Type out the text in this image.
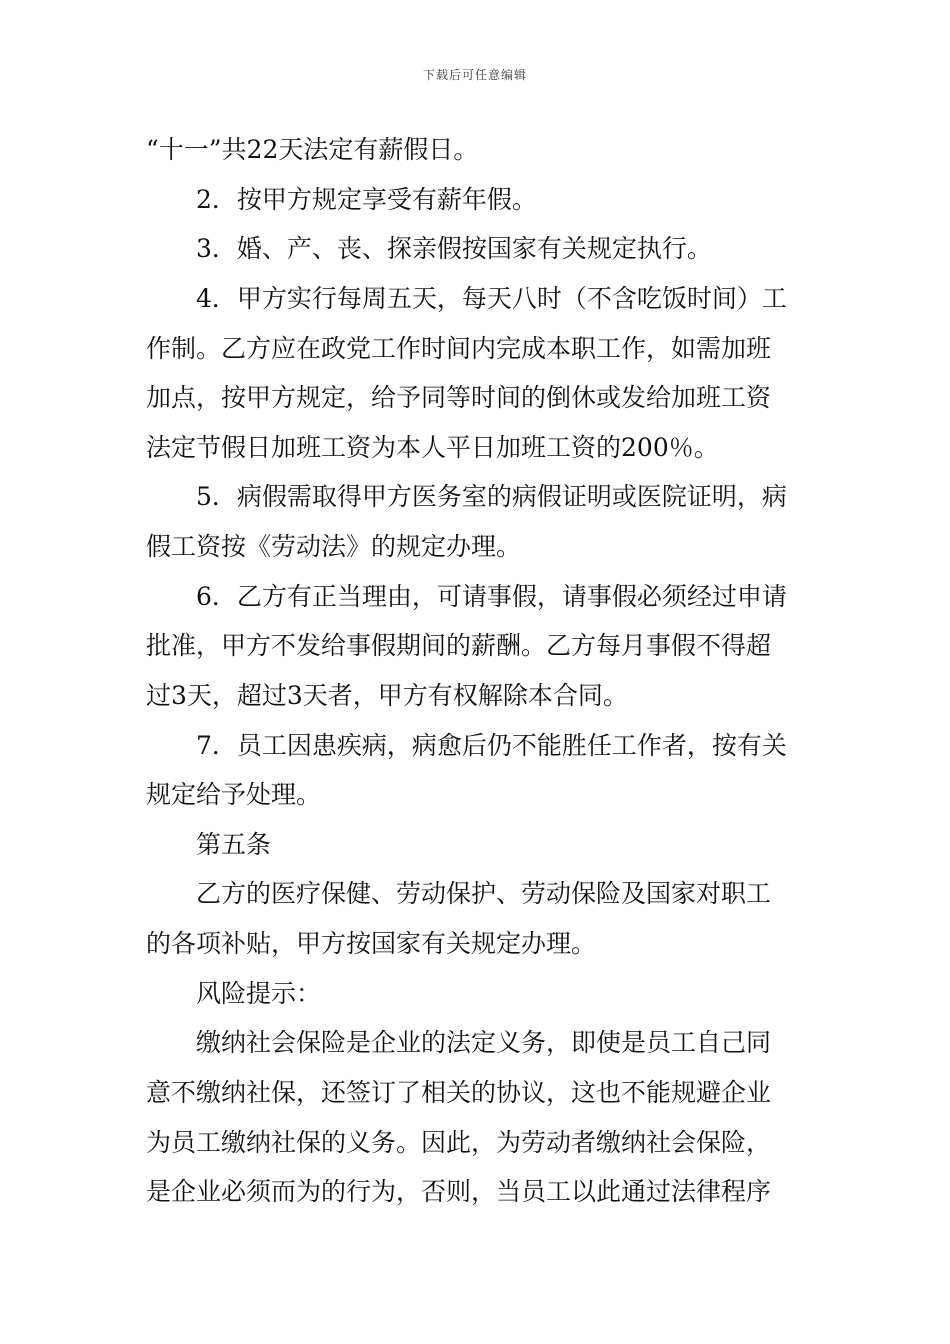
下载后可任意编辑
“十一”共22天法定有薪假日。
2．按甲方规定享受有薪年假。
3．婚、产、丧、探亲假按国家有关规定执行。
4．甲方实行每周五天，每天八时（不含吃饭时间）工
作制。乙方应在政党工作时间内完成本职工作，如需加班
加点，按甲方规定，给予同等时间的倒休或发给加班工资
法定节假日加班工资为本人平日加班工资的200％。
5．病假需取得甲方医务室的病假证明或医院证明，病
假工资按《劳动法》的规定办理。
6．乙方有正当理由，可请事假，请事假必须经过申请
批准，甲方不发给事假期间的薪酬。乙方每月事假不得超
过3天，超过3天者，甲方有权解除本合同。
7．员工因患疾病，病愈后仍不能胜任工作者，按有关
规定给予处理。
第五条
乙方的医疗保健、劳动保护、劳动保险及国家对职工
的各项补贴，甲方按国家有关规定办理。
风险提示：
缴纳社会保险是企业的法定义务，即使是员工自己同
意不缴纳社保，还签订了相关的协议，这也不能规避企业
为员工缴纳社保的义务。因此，为劳动者缴纳社会保险，
是企业必须而为的行为，否则，当员工以此通过法律程序
